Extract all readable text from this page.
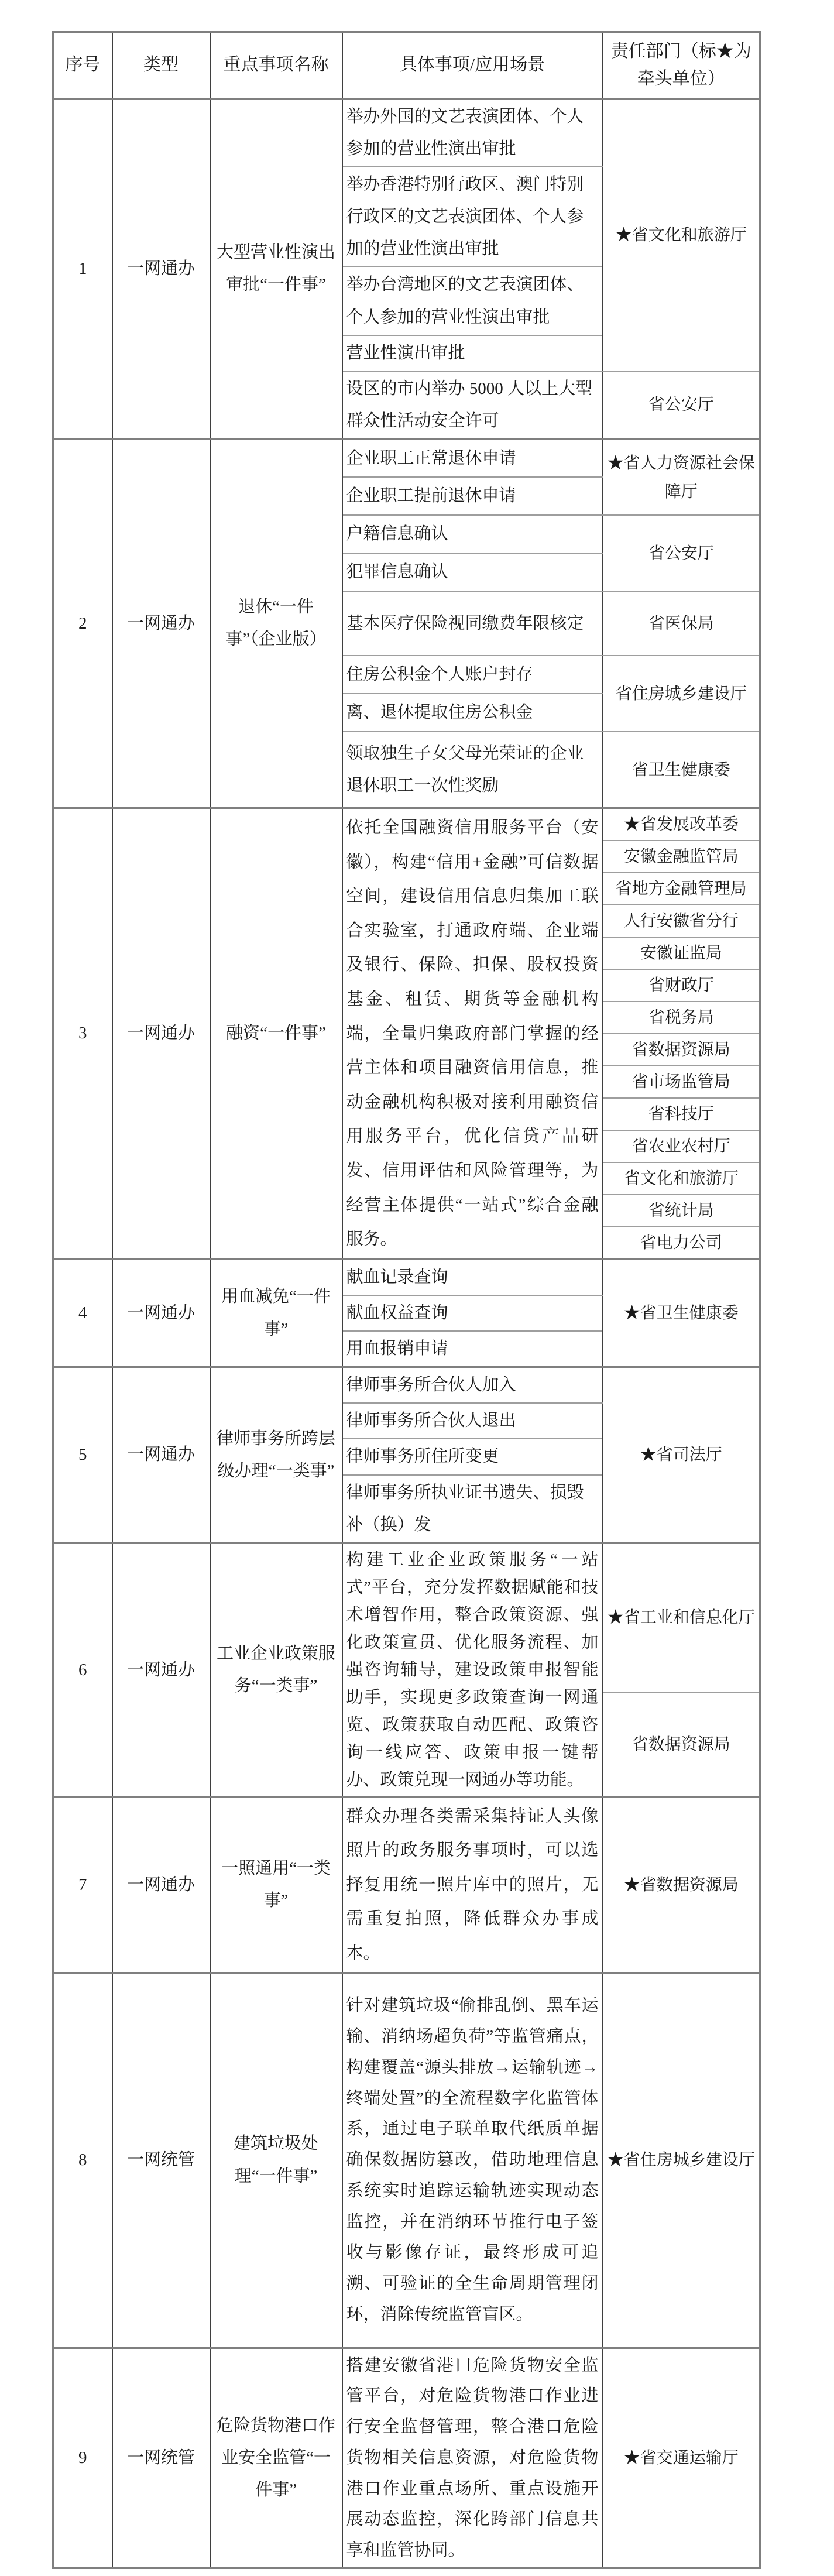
序号	类型	重点事项名称	具体事项/应用场景	责任部门（标★为牵头单位）
1	一网通办	大型营业性演出审批“一件事”	举办外国的文艺表演团体、个人参加的营业性演出审批	★省文化和旅游厅
			举办香港特别行政区、澳门特别行政区的文艺表演团体、个人参加的营业性演出审批	
			举办台湾地区的文艺表演团体、个人参加的营业性演出审批	
			营业性演出审批	
			设区的市内举办 5000 人以上大型群众性活动安全许可	省公安厅
2	一网通办	退休“一件事”（企业版）	企业职工正常退休申请	★省人力资源社会保障厅
			企业职工提前退休申请	
			户籍信息确认	省公安厅
			犯罪信息确认	
			基本医疗保险视同缴费年限核定	省医保局
			住房公积金个人账户封存	省住房城乡建设厅
			离、退休提取住房公积金	
			领取独生子女父母光荣证的企业退休职工一次性奖励	省卫生健康委
3	一网通办	融资“一件事”	依托全国融资信用服务平台（安徽），构建“信用+金融”可信数据空间，建设信用信息归集加工联合实验室，打通政府端、企业端及银行、保险、担保、股权投资基金、租赁、期货等金融机构端，全量归集政府部门掌握的经营主体和项目融资信用信息，推动金融机构积极对接利用融资信用服务平台，优化信贷产品研发、信用评估和风险管理等，为经营主体提供“一站式”综合金融服务。	★省发展改革委
				安徽金融监管局
				省地方金融管理局
				人行安徽省分行
				安徽证监局
				省财政厅
				省税务局
				省数据资源局
				省市场监管局
				省科技厅
				省农业农村厅
				省文化和旅游厅
				省统计局
				省电力公司
4	一网通办	用血减免“一件事”	献血记录查询	★省卫生健康委
			献血权益查询	
			用血报销申请	
5	一网通办	律师事务所跨层级办理“一类事”	律师事务所合伙人加入	★省司法厅
			律师事务所合伙人退出	
			律师事务所住所变更	
			律师事务所执业证书遗失、损毁补（换）发	
6	一网通办	工业企业政策服务“一类事”	构建工业企业政策服务“一站式”平台，充分发挥数据赋能和技术增智作用，整合政策资源、强化政策宣贯、优化服务流程、加强咨询辅导，建设政策申报智能助手，实现更多政策查询一网通览、政策获取自动匹配、政策咨询一线应答、政策申报一键帮办、政策兑现一网通办等功能。	★省工业和信息化厅
				省数据资源局
7	一网通办	一照通用“一类事”	群众办理各类需采集持证人头像照片的政务服务事项时，可以选择复用统一照片库中的照片，无需重复拍照，降低群众办事成本。	★省数据资源局
8	一网统管	建筑垃圾处理“一件事”	针对建筑垃圾“偷排乱倒、黑车运输、消纳场超负荷”等监管痛点，构建覆盖“源头排放→运输轨迹→终端处置”的全流程数字化监管体系，通过电子联单取代纸质单据确保数据防篡改，借助地理信息系统实时追踪运输轨迹实现动态监控，并在消纳环节推行电子签收与影像存证，最终形成可追溯、可验证的全生命周期管理闭环，消除传统监管盲区。	★省住房城乡建设厅
9	一网统管	危险货物港口作业安全监管“一件事”	搭建安徽省港口危险货物安全监管平台，对危险货物港口作业进行安全监督管理，整合港口危险货物相关信息资源，对危险货物港口作业重点场所、重点设施开展动态监控，深化跨部门信息共享和监管协同。	★省交通运输厅
